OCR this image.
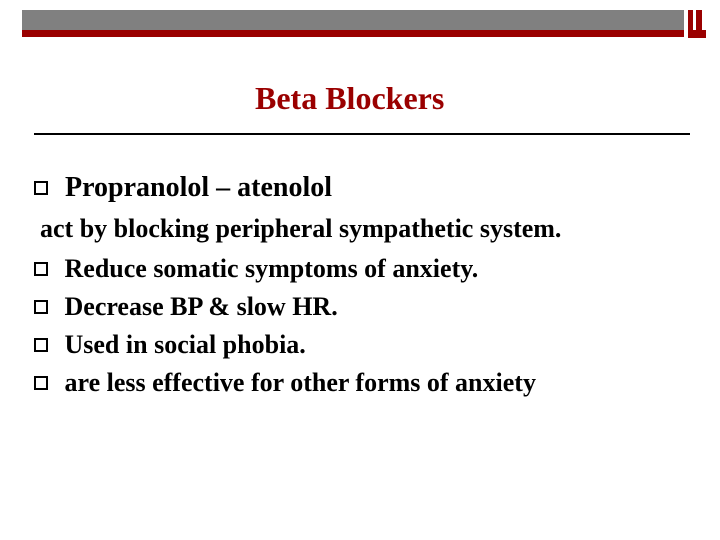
Beta Blockers
Propranolol – atenolol
act by blocking peripheral sympathetic system.
Reduce somatic symptoms of anxiety.
Decrease BP & slow HR.
Used in social phobia.
are less effective for other forms of anxiety
